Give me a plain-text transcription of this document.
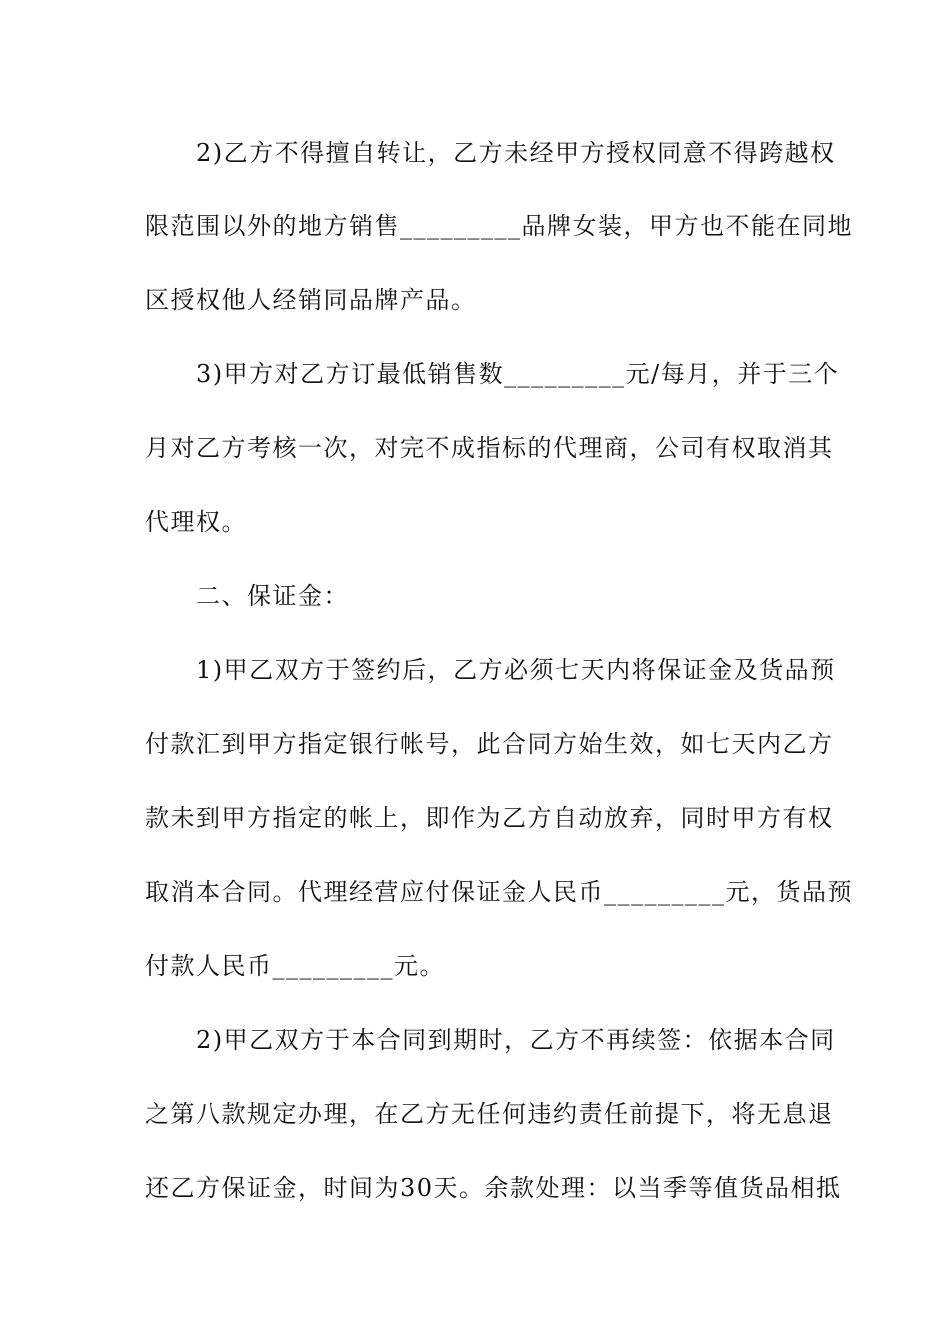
　　2)乙方不得擅自转让，乙方未经甲方授权同意不得跨越权
限范围以外的地方销售_________品牌女装，甲方也不能在同地
区授权他人经销同品牌产品。
　　3)甲方对乙方订最低销售数_________元/每月，并于三个
月对乙方考核一次，对完不成指标的代理商，公司有权取消其
代理权。
　　二、保证金：
　　1)甲乙双方于签约后，乙方必须七天内将保证金及货品预
付款汇到甲方指定银行帐号，此合同方始生效，如七天内乙方
款未到甲方指定的帐上，即作为乙方自动放弃，同时甲方有权
取消本合同。代理经营应付保证金人民币_________元，货品预
付款人民币_________元。
　　2)甲乙双方于本合同到期时，乙方不再续签：依据本合同
之第八款规定办理，在乙方无任何违约责任前提下，将无息退
还乙方保证金，时间为30天。余款处理：以当季等值货品相抵
